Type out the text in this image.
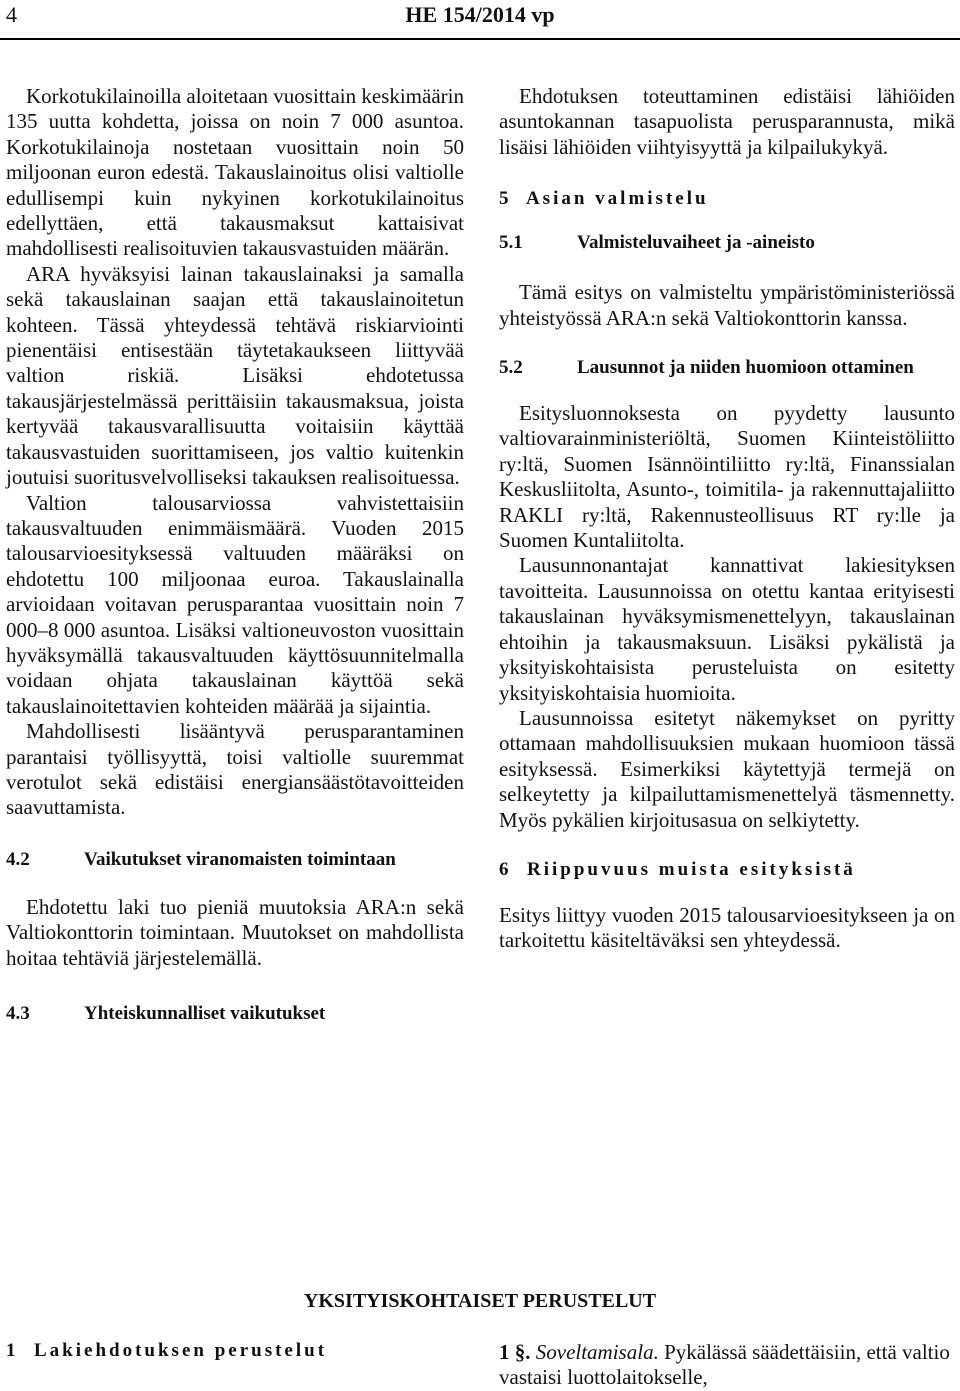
4	HE 154/2014 vp

Korkotukilainoilla aloitetaan vuosittain keskimäärin 135 uutta kohdetta, joissa on noin 7 000 asuntoa. Korkotukilainoja nostetaan vuosittain noin 50 miljoonan euron edestä. Takauslainoitus olisi valtiolle edullisempi kuin nykyinen korkotukilainoitus edellyttäen, että takausmaksut kattaisivat mahdollisesti realisoituvien takausvastuiden määrän.

ARA hyväksyisi lainan takauslainaksi ja samalla sekä takauslainan saajan että takauslainoitetun kohteen. Tässä yhteydessä tehtävä riskiarviointi pienentäisi entisestään täytetakaukseen liittyvää valtion riskiä. Lisäksi ehdotetussa takausjärjestelmässä perittäisiin takausmaksua, joista kertyvää takausvarallisuutta voitaisiin käyttää takausvastuiden suorittamiseen, jos valtio kuitenkin joutuisi suoritusvelvolliseksi takauksen realisoituessa.

Valtion talousarviossa vahvistettaisiin takausvaltuuden enimmäismäärä. Vuoden 2015 talousarvioesityksessä valtuuden määräksi on ehdotettu 100 miljoonaa euroa. Takauslainalla arvioidaan voitavan perusparantaa vuosittain noin 7 000–8 000 asuntoa. Lisäksi valtioneuvoston vuosittain hyväksymällä takausvaltuuden käyttösuunnitelmalla voidaan ohjata takauslainan käyttöä sekä takauslainoitettavien kohteiden määrää ja sijaintia.

Mahdollisesti lisääntyvä perusparantaminen parantaisi työllisyyttä, toisi valtiolle suuremmat verotulot sekä edistäisi energiansäästötavoitteiden saavuttamista.

4.2	Vaikutukset viranomaisten toimintaan

Ehdotettu laki tuo pieniä muutoksia ARA:n sekä Valtiokonttorin toimintaan. Muutokset on mahdollista hoitaa tehtäviä järjestelemällä.

4.3	Yhteiskunnalliset vaikutukset

Ehdotuksen toteuttaminen edistäisi lähiöiden asuntokannan tasapuolista perusparannusta, mikä lisäisi lähiöiden viihtyisyyttä ja kilpailukykyä.

5  Asian valmistelu
5.1	Valmisteluvaiheet ja -aineisto

Tämä esitys on valmisteltu ympäristöministeriössä yhteistyössä ARA:n sekä Valtiokonttorin kanssa.

5.2	Lausunnot ja niiden huomioon ottaminen

Esitysluonnoksesta on pyydetty lausunto valtiovarainministeriöltä, Suomen Kiinteistöliitto ry:ltä, Suomen Isännöintiliitto ry:ltä, Finanssialan Keskusliitolta, Asunto-, toimitila- ja rakennuttajaliitto RAKLI ry:ltä, Rakennusteollisuus RT ry:lle ja Suomen Kuntaliitolta.

Lausunnonantajat kannattivat lakiesityksen tavoitteita. Lausunnoissa on otettu kantaa erityisesti takauslainan hyväksymismenettelyyn, takauslainan ehtoihin ja takausmaksuun. Lisäksi pykälistä ja yksityiskohtaisista perusteluista on esitetty yksityiskohtaisia huomioita.

Lausunnoissa esitetyt näkemykset on pyritty ottamaan mahdollisuuksien mukaan huomioon tässä esityksessä. Esimerkiksi käytettyjä termejä on selkeytetty ja kilpailuttamismenettelyä täsmennetty. Myös pykälien kirjoitusasua on selkiytetty.

6  Riippuvuus muista esityksistä

Esitys liittyy vuoden 2015 talousarvioesitykseen ja on tarkoitettu käsiteltäväksi sen yhteydessä.

YKSITYISKOHTAISET PERUSTELUT
1  Lakiehdotuksen perustelut	1 §. Soveltamisala. Pykälässä säädettäisiin, että valtio vastaisi luottolaitokselle,
